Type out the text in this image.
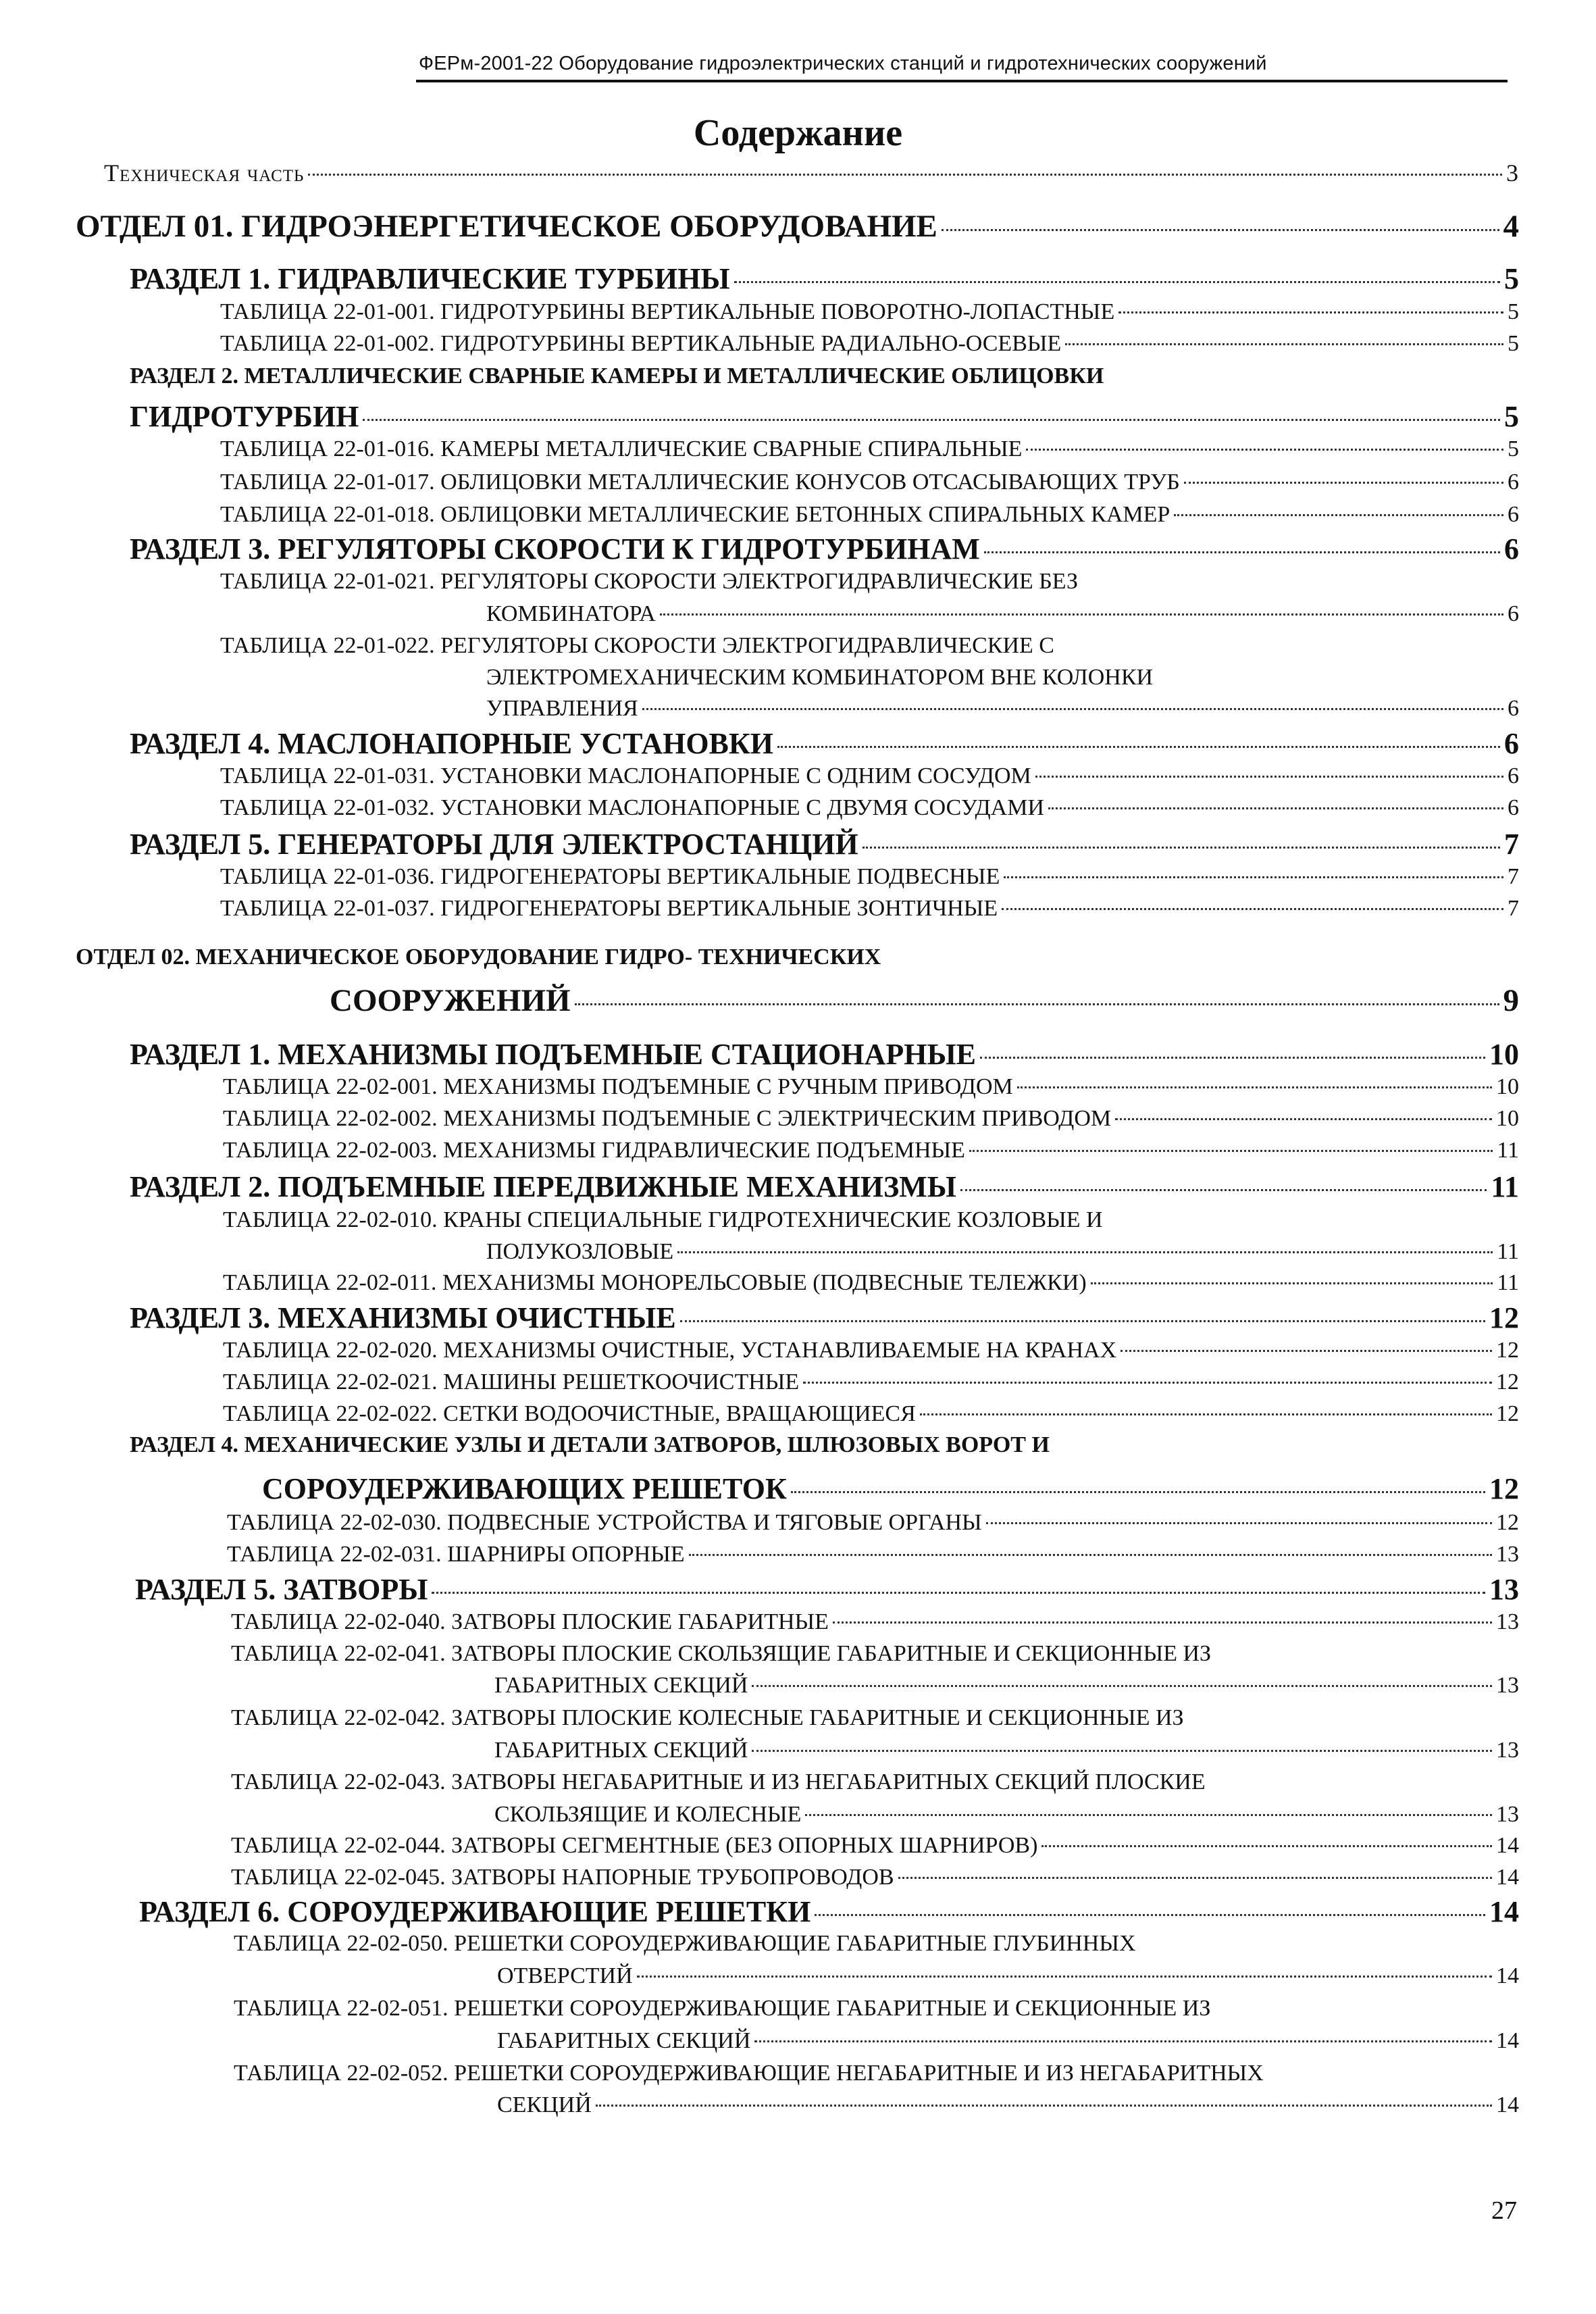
ФЕРм-2001-22 Оборудование гидроэлектрических станций и гидротехнических сооружений
Содержание
Техническая часть	3
ОТДЕЛ 01. ГИДРОЭНЕРГЕТИЧЕСКОЕ ОБОРУДОВАНИЕ	4
РАЗДЕЛ 1. ГИДРАВЛИЧЕСКИЕ ТУРБИНЫ	5
ТАБЛИЦА 22-01-001. ГИДРОТУРБИНЫ ВЕРТИКАЛЬНЫЕ ПОВОРОТНО-ЛОПАСТНЫЕ	5
ТАБЛИЦА 22-01-002. ГИДРОТУРБИНЫ ВЕРТИКАЛЬНЫЕ РАДИАЛЬНО-ОСЕВЫЕ	5
РАЗДЕЛ 2. МЕТАЛЛИЧЕСКИЕ СВАРНЫЕ КАМЕРЫ И МЕТАЛЛИЧЕСКИЕ ОБЛИЦОВКИ
ГИДРОТУРБИН	5
ТАБЛИЦА 22-01-016. КАМЕРЫ МЕТАЛЛИЧЕСКИЕ СВАРНЫЕ СПИРАЛЬНЫЕ	5
ТАБЛИЦА 22-01-017. ОБЛИЦОВКИ МЕТАЛЛИЧЕСКИЕ КОНУСОВ ОТСАСЫВАЮЩИХ ТРУБ	6
ТАБЛИЦА 22-01-018. ОБЛИЦОВКИ МЕТАЛЛИЧЕСКИЕ БЕТОННЫХ СПИРАЛЬНЫХ КАМЕР	6
РАЗДЕЛ 3. РЕГУЛЯТОРЫ СКОРОСТИ К ГИДРОТУРБИНАМ	6
ТАБЛИЦА 22-01-021. РЕГУЛЯТОРЫ СКОРОСТИ ЭЛЕКТРОГИДРАВЛИЧЕСКИЕ БЕЗ
КОМБИНАТОРА	6
ТАБЛИЦА 22-01-022. РЕГУЛЯТОРЫ СКОРОСТИ ЭЛЕКТРОГИДРАВЛИЧЕСКИЕ С
ЭЛЕКТРОМЕХАНИЧЕСКИМ КОМБИНАТОРОМ ВНЕ КОЛОНКИ
УПРАВЛЕНИЯ	6
РАЗДЕЛ 4. МАСЛОНАПОРНЫЕ УСТАНОВКИ	6
ТАБЛИЦА 22-01-031. УСТАНОВКИ МАСЛОНАПОРНЫЕ С ОДНИМ СОСУДОМ	6
ТАБЛИЦА 22-01-032. УСТАНОВКИ МАСЛОНАПОРНЫЕ С ДВУМЯ СОСУДАМИ	6
РАЗДЕЛ 5. ГЕНЕРАТОРЫ ДЛЯ ЭЛЕКТРОСТАНЦИЙ	7
ТАБЛИЦА 22-01-036. ГИДРОГЕНЕРАТОРЫ ВЕРТИКАЛЬНЫЕ ПОДВЕСНЫЕ	7
ТАБЛИЦА 22-01-037. ГИДРОГЕНЕРАТОРЫ ВЕРТИКАЛЬНЫЕ ЗОНТИЧНЫЕ	7
ОТДЕЛ 02. МЕХАНИЧЕСКОЕ ОБОРУДОВАНИЕ ГИДРО- ТЕХНИЧЕСКИХ
СООРУЖЕНИЙ	9
РАЗДЕЛ 1. МЕХАНИЗМЫ ПОДЪЕМНЫЕ СТАЦИОНАРНЫЕ	10
ТАБЛИЦА 22-02-001. МЕХАНИЗМЫ ПОДЪЕМНЫЕ С РУЧНЫМ ПРИВОДОМ	10
ТАБЛИЦА 22-02-002. МЕХАНИЗМЫ ПОДЪЕМНЫЕ С ЭЛЕКТРИЧЕСКИМ ПРИВОДОМ	10
ТАБЛИЦА 22-02-003. МЕХАНИЗМЫ ГИДРАВЛИЧЕСКИЕ ПОДЪЕМНЫЕ	11
РАЗДЕЛ 2. ПОДЪЕМНЫЕ ПЕРЕДВИЖНЫЕ МЕХАНИЗМЫ	11
ТАБЛИЦА 22-02-010. КРАНЫ СПЕЦИАЛЬНЫЕ ГИДРОТЕХНИЧЕСКИЕ КОЗЛОВЫЕ И
ПОЛУКОЗЛОВЫЕ	11
ТАБЛИЦА 22-02-011. МЕХАНИЗМЫ МОНОРЕЛЬСОВЫЕ (ПОДВЕСНЫЕ ТЕЛЕЖКИ)	11
РАЗДЕЛ 3. МЕХАНИЗМЫ ОЧИСТНЫЕ	12
ТАБЛИЦА 22-02-020. МЕХАНИЗМЫ ОЧИСТНЫЕ, УСТАНАВЛИВАЕМЫЕ НА КРАНАХ	12
ТАБЛИЦА 22-02-021. МАШИНЫ РЕШЕТКООЧИСТНЫЕ	12
ТАБЛИЦА 22-02-022. СЕТКИ ВОДООЧИСТНЫЕ, ВРАЩАЮЩИЕСЯ	12
РАЗДЕЛ 4. МЕХАНИЧЕСКИЕ УЗЛЫ И ДЕТАЛИ ЗАТВОРОВ, ШЛЮЗОВЫХ ВОРОТ И
СОРОУДЕРЖИВАЮЩИХ РЕШЕТОК	12
ТАБЛИЦА 22-02-030. ПОДВЕСНЫЕ УСТРОЙСТВА И ТЯГОВЫЕ ОРГАНЫ	12
ТАБЛИЦА 22-02-031. ШАРНИРЫ ОПОРНЫЕ	13
РАЗДЕЛ 5. ЗАТВОРЫ	13
ТАБЛИЦА 22-02-040. ЗАТВОРЫ ПЛОСКИЕ ГАБАРИТНЫЕ	13
ТАБЛИЦА 22-02-041. ЗАТВОРЫ ПЛОСКИЕ СКОЛЬЗЯЩИЕ ГАБАРИТНЫЕ И СЕКЦИОННЫЕ ИЗ
ГАБАРИТНЫХ СЕКЦИЙ	13
ТАБЛИЦА 22-02-042. ЗАТВОРЫ ПЛОСКИЕ КОЛЕСНЫЕ ГАБАРИТНЫЕ И СЕКЦИОННЫЕ ИЗ
ГАБАРИТНЫХ СЕКЦИЙ	13
ТАБЛИЦА 22-02-043. ЗАТВОРЫ НЕГАБАРИТНЫЕ И ИЗ НЕГАБАРИТНЫХ СЕКЦИЙ ПЛОСКИЕ
СКОЛЬЗЯЩИЕ И КОЛЕСНЫЕ	13
ТАБЛИЦА 22-02-044. ЗАТВОРЫ СЕГМЕНТНЫЕ (БЕЗ ОПОРНЫХ ШАРНИРОВ)	14
ТАБЛИЦА 22-02-045. ЗАТВОРЫ НАПОРНЫЕ ТРУБОПРОВОДОВ	14
РАЗДЕЛ 6. СОРОУДЕРЖИВАЮЩИЕ РЕШЕТКИ	14
ТАБЛИЦА 22-02-050. РЕШЕТКИ СОРОУДЕРЖИВАЮЩИЕ ГАБАРИТНЫЕ ГЛУБИННЫХ
ОТВЕРСТИЙ	14
ТАБЛИЦА 22-02-051. РЕШЕТКИ СОРОУДЕРЖИВАЮЩИЕ ГАБАРИТНЫЕ И СЕКЦИОННЫЕ ИЗ
ГАБАРИТНЫХ СЕКЦИЙ	14
ТАБЛИЦА 22-02-052. РЕШЕТКИ СОРОУДЕРЖИВАЮЩИЕ НЕГАБАРИТНЫЕ И ИЗ НЕГАБАРИТНЫХ
СЕКЦИЙ	14
27
